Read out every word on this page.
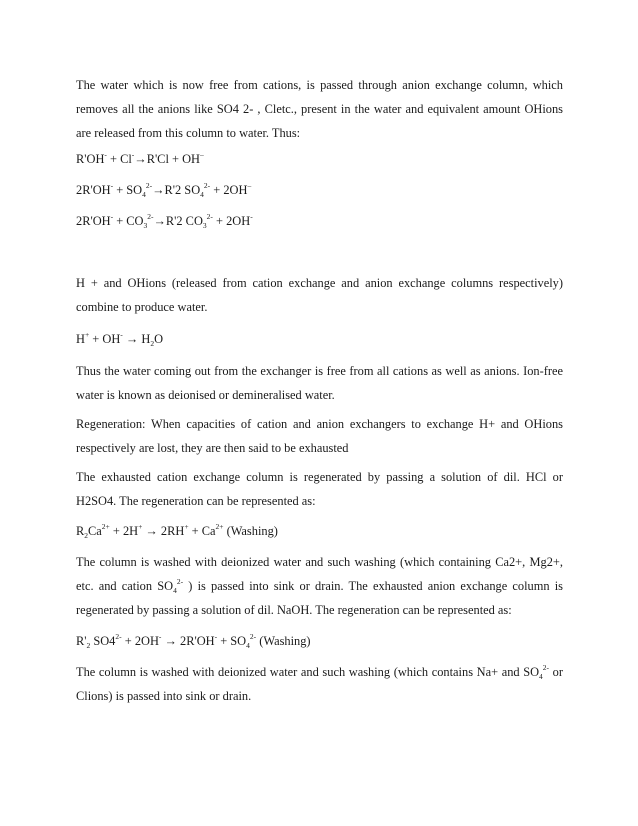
The water which is now free from cations, is passed through anion exchange column, which removes all the anions like SO4 2- , Cletc., present in the water and equivalent amount OHions are released from this column to water. Thus:

R'OH- + Cl-→R'Cl + OH–

$2R'OH^- + SO_4^{2-}\to R'2$ $SO_4^{2-} + 2OH^-$

$2R'OH^- + CO_3^{2-}\to R'2$ $CO_3^{2-} + 2OH^-$

H + and OHions (released from cation exchange and anion exchange columns respectively) combine to produce water.

$H^+ + OH^- \to H_2O$

Thus the water coming out from the exchanger is free from all cations as well as anions. Ion-free water is known as deionised or demineralised water.

Regeneration: When capacities of cation and anion exchangers to exchange H+ and OHions respectively are lost, they are then said to be exhausted

The exhausted cation exchange column is regenerated by passing a solution of dil. HCl or H2SO4. The regeneration can be represented as:

$R_2Ca^{2+} + 2H^+ \to 2RH^+ + Ca^{2+}$ (Washing)

The column is washed with deionized water and such washing (which containing Ca2+, Mg2+, etc. and cation $SO_4^{2-}$ ) is passed into sink or drain. The exhausted anion exchange column is regenerated by passing a solution of dil. NaOH. The regeneration can be represented as:

$R'_2$ $SO4^{2-} + 2OH^- \to 2R'OH^- + SO_4^{2-}$ (Washing)

The column is washed with deionized water and such washing (which contains Na+ and $SO_4^{2-}$ or Clions) is passed into sink or drain.
